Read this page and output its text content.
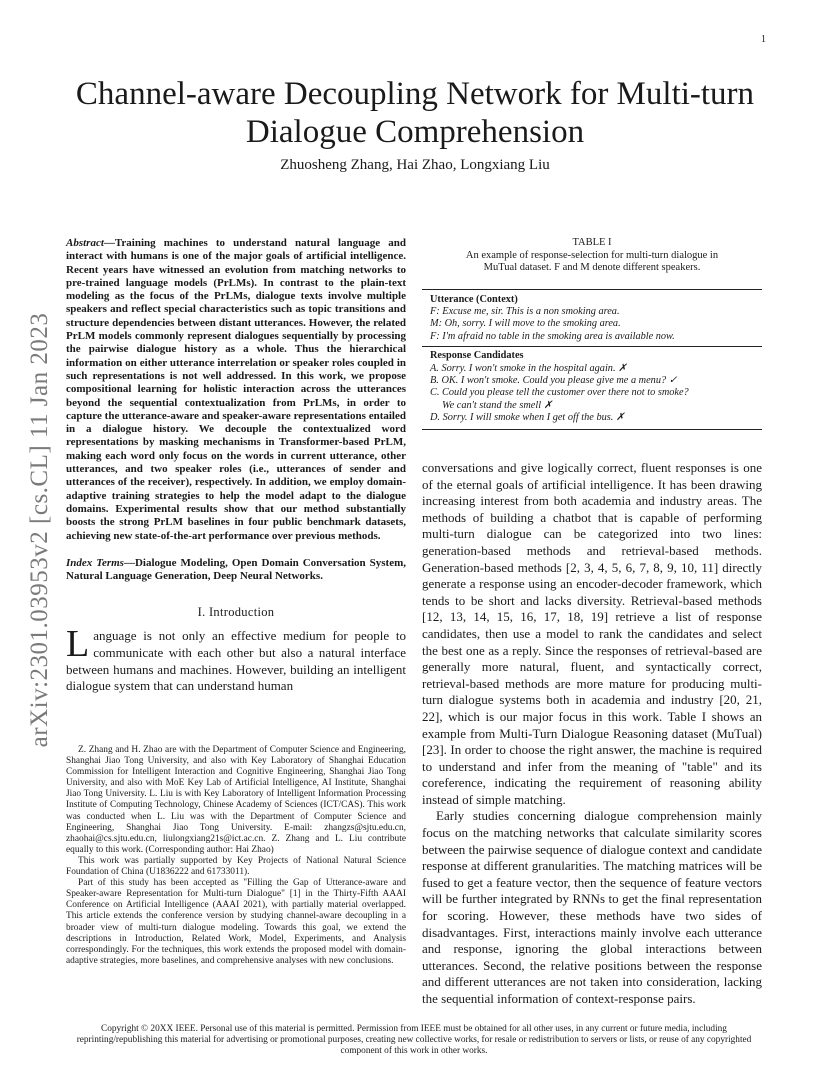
1
arXiv:2301.03953v2 [cs.CL] 11 Jan 2023
Channel-aware Decoupling Network for Multi-turn Dialogue Comprehension
Zhuosheng Zhang, Hai Zhao, Longxiang Liu

Abstract—Training machines to understand natural language and interact with humans is one of the major goals of artificial intelligence. Recent years have witnessed an evolution from matching networks to pre-trained language models (PrLMs). In contrast to the plain-text modeling as the focus of the PrLMs, dialogue texts involve multiple speakers and reflect special characteristics such as topic transitions and structure dependencies between distant utterances. However, the related PrLM models commonly represent dialogues sequentially by processing the pairwise dialogue history as a whole. Thus the hierarchical information on either utterance interrelation or speaker roles coupled in such representations is not well addressed. In this work, we propose compositional learning for holistic interaction across the utterances beyond the sequential contextualization from PrLMs, in order to capture the utterance-aware and speaker-aware representations entailed in a dialogue history. We decouple the contextualized word representations by masking mechanisms in Transformer-based PrLM, making each word only focus on the words in current utterance, other utterances, and two speaker roles (i.e., utterances of sender and utterances of the receiver), respectively. In addition, we employ domain-adaptive training strategies to help the model adapt to the dialogue domains. Experimental results show that our method substantially boosts the strong PrLM baselines in four public benchmark datasets, achieving new state-of-the-art performance over previous methods.

Index Terms—Dialogue Modeling, Open Domain Conversation System, Natural Language Generation, Deep Neural Networks.

I. Introduction

Language is not only an effective medium for people to communicate with each other but also a natural interface between humans and machines. However, building an intelligent dialogue system that can understand human

Z. Zhang and H. Zhao are with the Department of Computer Science and Engineering, Shanghai Jiao Tong University, and also with Key Laboratory of Shanghai Education Commission for Intelligent Interaction and Cognitive Engineering, Shanghai Jiao Tong University, and also with MoE Key Lab of Artificial Intelligence, AI Institute, Shanghai Jiao Tong University. L. Liu is with Key Laboratory of Intelligent Information Processing Institute of Computing Technology, Chinese Academy of Sciences (ICT/CAS). This work was conducted when L. Liu was with the Department of Computer Science and Engineering, Shanghai Jiao Tong University. E-mail: zhangzs@sjtu.edu.cn, zhaohai@cs.sjtu.edu.cn, liulongxiang21s@ict.ac.cn. Z. Zhang and L. Liu contribute equally to this work. (Corresponding author: Hai Zhao)

This work was partially supported by Key Projects of National Natural Science Foundation of China (U1836222 and 61733011).

Part of this study has been accepted as "Filling the Gap of Utterance-aware and Speaker-aware Representation for Multi-turn Dialogue" [1] in the Thirty-Fifth AAAI Conference on Artificial Intelligence (AAAI 2021), with partially material overlapped. This article extends the conference version by studying channel-aware decoupling in a broader view of multi-turn dialogue modeling. Towards this goal, we extend the descriptions in Introduction, Related Work, Model, Experiments, and Analysis correspondingly. For the techniques, this work extends the proposed model with domain-adaptive strategies, more baselines, and comprehensive analyses with new conclusions.

TABLE I
An example of response-selection for multi-turn dialogue in
MuTual dataset. F and M denote different speakers.
Utterance (Context)
F: Excuse me, sir. This is a non smoking area.
M: Oh, sorry. I will move to the smoking area.
F: I'm afraid no table in the smoking area is available now.
Response Candidates
A. Sorry. I won't smoke in the hospital again. ✗
B. OK. I won't smoke. Could you please give me a menu? ✓
C. Could you please tell the customer over there not to smoke?
We can't stand the smell ✗
D. Sorry. I will smoke when I get off the bus. ✗

conversations and give logically correct, fluent responses is one of the eternal goals of artificial intelligence. It has been drawing increasing interest from both academia and industry areas. The methods of building a chatbot that is capable of performing multi-turn dialogue can be categorized into two lines: generation-based methods and retrieval-based methods. Generation-based methods [2, 3, 4, 5, 6, 7, 8, 9, 10, 11] directly generate a response using an encoder-decoder framework, which tends to be short and lacks diversity. Retrieval-based methods [12, 13, 14, 15, 16, 17, 18, 19] retrieve a list of response candidates, then use a model to rank the candidates and select the best one as a reply. Since the responses of retrieval-based are generally more natural, fluent, and syntactically correct, retrieval-based methods are more mature for producing multi-turn dialogue systems both in academia and industry [20, 21, 22], which is our major focus in this work. Table I shows an example from Multi-Turn Dialogue Reasoning dataset (MuTual) [23]. In order to choose the right answer, the machine is required to understand and infer from the meaning of "table" and its coreference, indicating the requirement of reasoning ability instead of simple matching.

Early studies concerning dialogue comprehension mainly focus on the matching networks that calculate similarity scores between the pairwise sequence of dialogue context and candidate response at different granularities. The matching matrices will be fused to get a feature vector, then the sequence of feature vectors will be further integrated by RNNs to get the final representation for scoring. However, these methods have two sides of disadvantages. First, interactions mainly involve each utterance and response, ignoring the global interactions between utterances. Second, the relative positions between the response and different utterances are not taken into consideration, lacking the sequential information of context-response pairs.

Copyright © 20XX IEEE. Personal use of this material is permitted. Permission from IEEE must be obtained for all other uses, in any current or future media, including reprinting/republishing this material for advertising or promotional purposes, creating new collective works, for resale or redistribution to servers or lists, or reuse of any copyrighted component of this work in other works.
